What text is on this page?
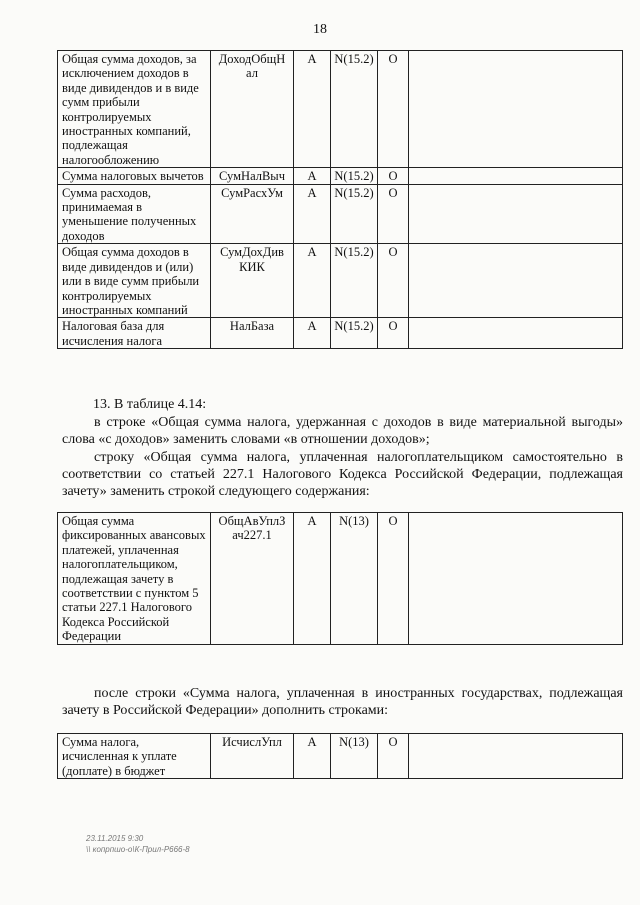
18
Общая сумма доходов, за исключением доходов в виде дивидендов и в виде сумм прибыли контролируемых иностранных компаний, подлежащая налогообложению	ДоходОбщН ал	А	N(15.2)	О	
Сумма налоговых вычетов	СумНалВыч	А	N(15.2)	О	
Сумма расходов, принимаемая в уменьшение полученных доходов	СумРасхУм	А	N(15.2)	О	
Общая сумма доходов в виде дивидендов и (или) или в виде сумм прибыли контролируемых иностранных компаний	СумДохДив КИК	А	N(15.2)	О	
Налоговая база для исчисления налога	НалБаза	А	N(15.2)	О	
13. В таблице 4.14:
в строке «Общая сумма налога, удержанная с доходов в виде материальной выгоды» слова «с доходов» заменить словами «в отношении доходов»;
строку «Общая сумма налога, уплаченная налогоплательщиком самостоятельно в соответствии со статьей 227.1 Налогового Кодекса Российской Федерации, подлежащая зачету» заменить строкой следующего содержания:
Общая сумма фиксированных авансовых платежей, уплаченная налогоплательщиком, подлежащая зачету в соответствии с пунктом 5 статьи 227.1 Налогового Кодекса Российской Федерации	ОбщАвУплЗ ач227.1	А	N(13)	О	
после строки «Сумма налога, уплаченная в иностранных государствах, подлежащая зачету в Российской Федерации» дополнить строками:
Сумма налога, исчисленная к уплате (доплате) в бюджет	ИсчислУпл	А	N(13)	О	
23.11.2015 9:30
\\ копрпшо-о\К-Прил-Р666-8
